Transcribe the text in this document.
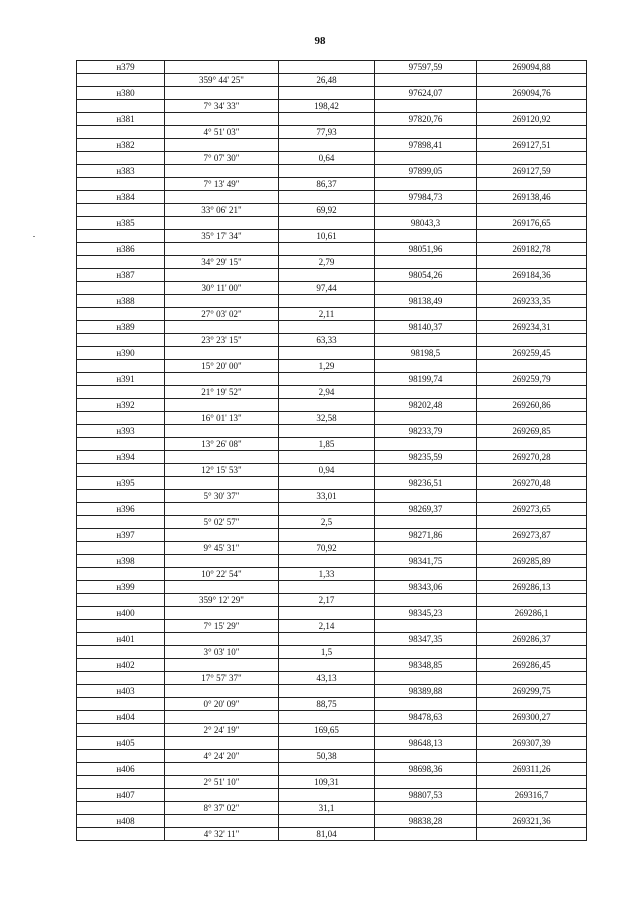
98
н379			97597,59	269094,88
	359° 44' 25"	26,48		
н380			97624,07	269094,76
	7° 34' 33"	198,42		
н381			97820,76	269120,92
	4° 51' 03"	77,93		
н382			97898,41	269127,51
	7° 07' 30"	0,64		
н383			97899,05	269127,59
	7° 13' 49"	86,37		
н384			97984,73	269138,46
	33° 06' 21"	69,92		
н385			98043,3	269176,65
	35° 17' 34"	10,61		
н386			98051,96	269182,78
	34° 29' 15"	2,79		
н387			98054,26	269184,36
	30° 11' 00"	97,44		
н388			98138,49	269233,35
	27° 03' 02"	2,11		
н389			98140,37	269234,31
	23° 23' 15"	63,33		
н390			98198,5	269259,45
	15° 20' 00"	1,29		
н391			98199,74	269259,79
	21° 19' 52"	2,94		
н392			98202,48	269260,86
	16° 01' 13"	32,58		
н393			98233,79	269269,85
	13° 26' 08"	1,85		
н394			98235,59	269270,28
	12° 15' 53"	0,94		
н395			98236,51	269270,48
	5° 30' 37"	33,01		
н396			98269,37	269273,65
	5° 02' 57"	2,5		
н397			98271,86	269273,87
	9° 45' 31"	70,92		
н398			98341,75	269285,89
	10° 22' 54"	1,33		
н399			98343,06	269286,13
	359° 12' 29"	2,17		
н400			98345,23	269286,1
	7° 15' 29"	2,14		
н401			98347,35	269286,37
	3° 03' 10"	1,5		
н402			98348,85	269286,45
	17° 57' 37"	43,13		
н403			98389,88	269299,75
	0° 20' 09"	88,75		
н404			98478,63	269300,27
	2° 24' 19"	169,65		
н405			98648,13	269307,39
	4° 24' 20"	50,38		
н406			98698,36	269311,26
	2° 51' 10"	109,31		
н407			98807,53	269316,7
	8° 37' 02"	31,1		
н408			98838,28	269321,36
	4° 32' 11"	81,04		
